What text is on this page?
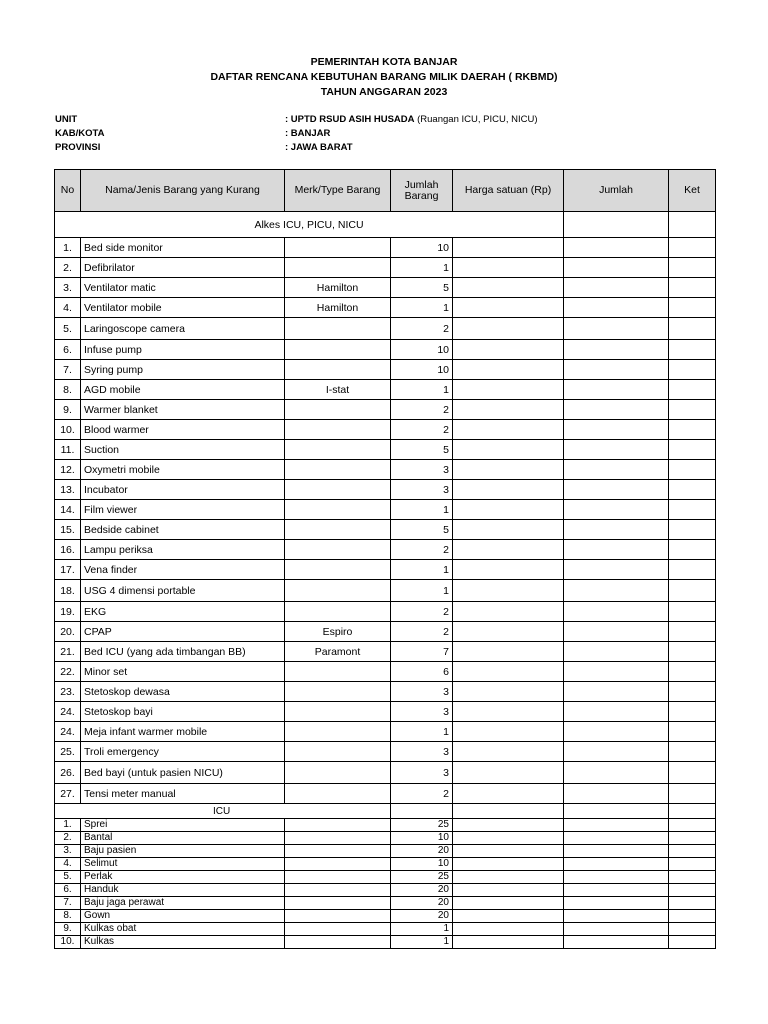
PEMERINTAH KOTA BANJAR
DAFTAR RENCANA KEBUTUHAN BARANG MILIK DAERAH ( RKBMD)
TAHUN ANGGARAN 2023
UNIT	: UPTD RSUD ASIH HUSADA (Ruangan ICU, PICU, NICU)
KAB/KOTA	: BANJAR
PROVINSI	: JAWA BARAT
No	Nama/Jenis Barang yang Kurang	Merk/Type Barang	Jumlah Barang	Harga satuan (Rp)	Jumlah	Ket
Alkes ICU, PICU, NICU						
1.	Bed side monitor		10			
2.	Defibrilator		1			
3.	Ventilator matic	Hamilton	5			
4.	Ventilator mobile	Hamilton	1			
5.	Laringoscope camera		2			
6.	Infuse pump		10			
7.	Syring pump		10			
8.	AGD mobile	I-stat	1			
9.	Warmer blanket		2			
10.	Blood warmer		2			
11.	Suction		5			
12.	Oxymetri mobile		3			
13.	Incubator		3			
14.	Film viewer		1			
15.	Bedside cabinet		5			
16.	Lampu periksa		2			
17.	Vena finder		1			
18.	USG 4 dimensi portable		1			
19.	EKG		2			
20.	CPAP	Espiro	2			
21.	Bed ICU (yang ada timbangan BB)	Paramont	7			
22.	Minor set		6			
23.	Stetoskop dewasa		3			
24.	Stetoskop bayi		3			
24.	Meja infant warmer mobile		1			
25.	Troli emergency		3			
26.	Bed bayi (untuk pasien NICU)		3			
27.	Tensi meter manual		2			
ICU						
1.	Sprei		25			
2.	Bantal		10			
3.	Baju pasien		20			
4.	Selimut		10			
5.	Perlak		25			
6.	Handuk		20			
7.	Baju jaga perawat		20			
8.	Gown		20			
9.	Kulkas obat		1			
10.	Kulkas		1			
